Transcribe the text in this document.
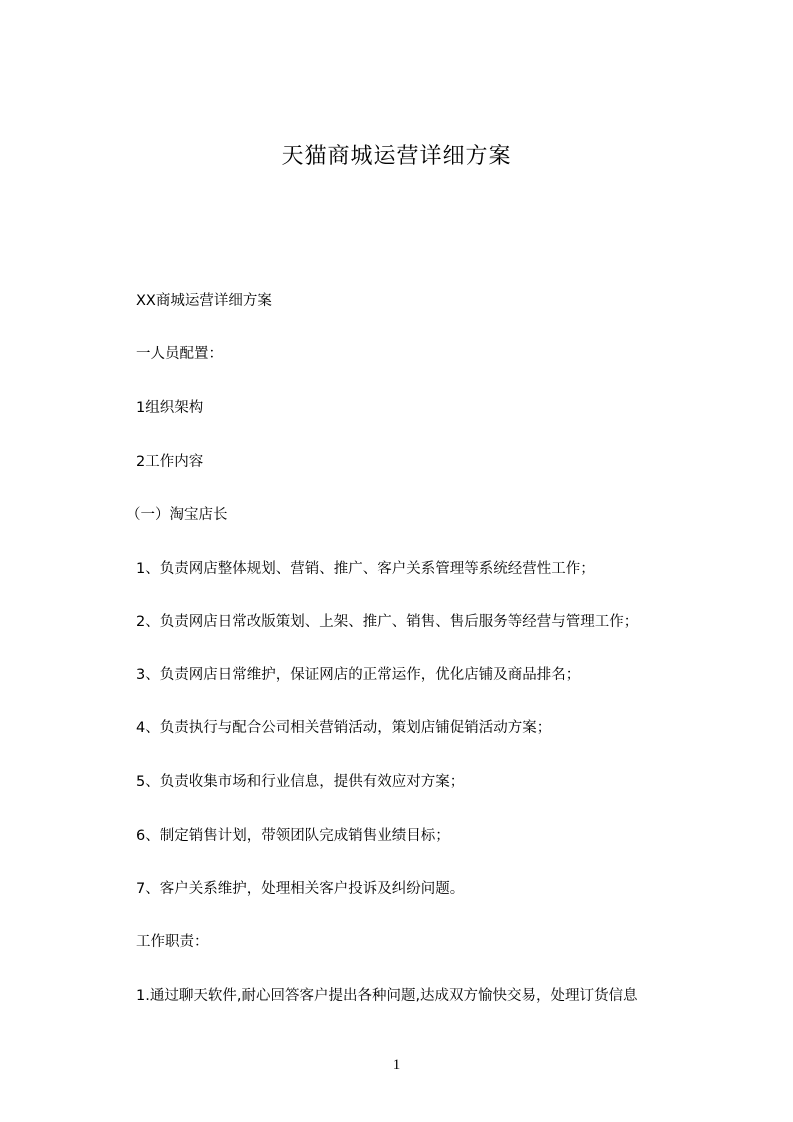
天猫商城运营详细方案
XX商城运营详细方案
一人员配置：
1组织架构
2工作内容
（一）淘宝店长
1、负责网店整体规划、营销、推广、客户关系管理等系统经营性工作；
2、负责网店日常改版策划、上架、推广、销售、售后服务等经营与管理工作；
3、负责网店日常维护，保证网店的正常运作，优化店铺及商品排名；
4、负责执行与配合公司相关营销活动，策划店铺促销活动方案；
5、负责收集市场和行业信息，提供有效应对方案；
6、制定销售计划，带领团队完成销售业绩目标；
7、客户关系维护，处理相关客户投诉及纠纷问题。
工作职责：
1.通过聊天软件,耐心回答客户提出各种问题,达成双方愉快交易，处理订货信息
1
